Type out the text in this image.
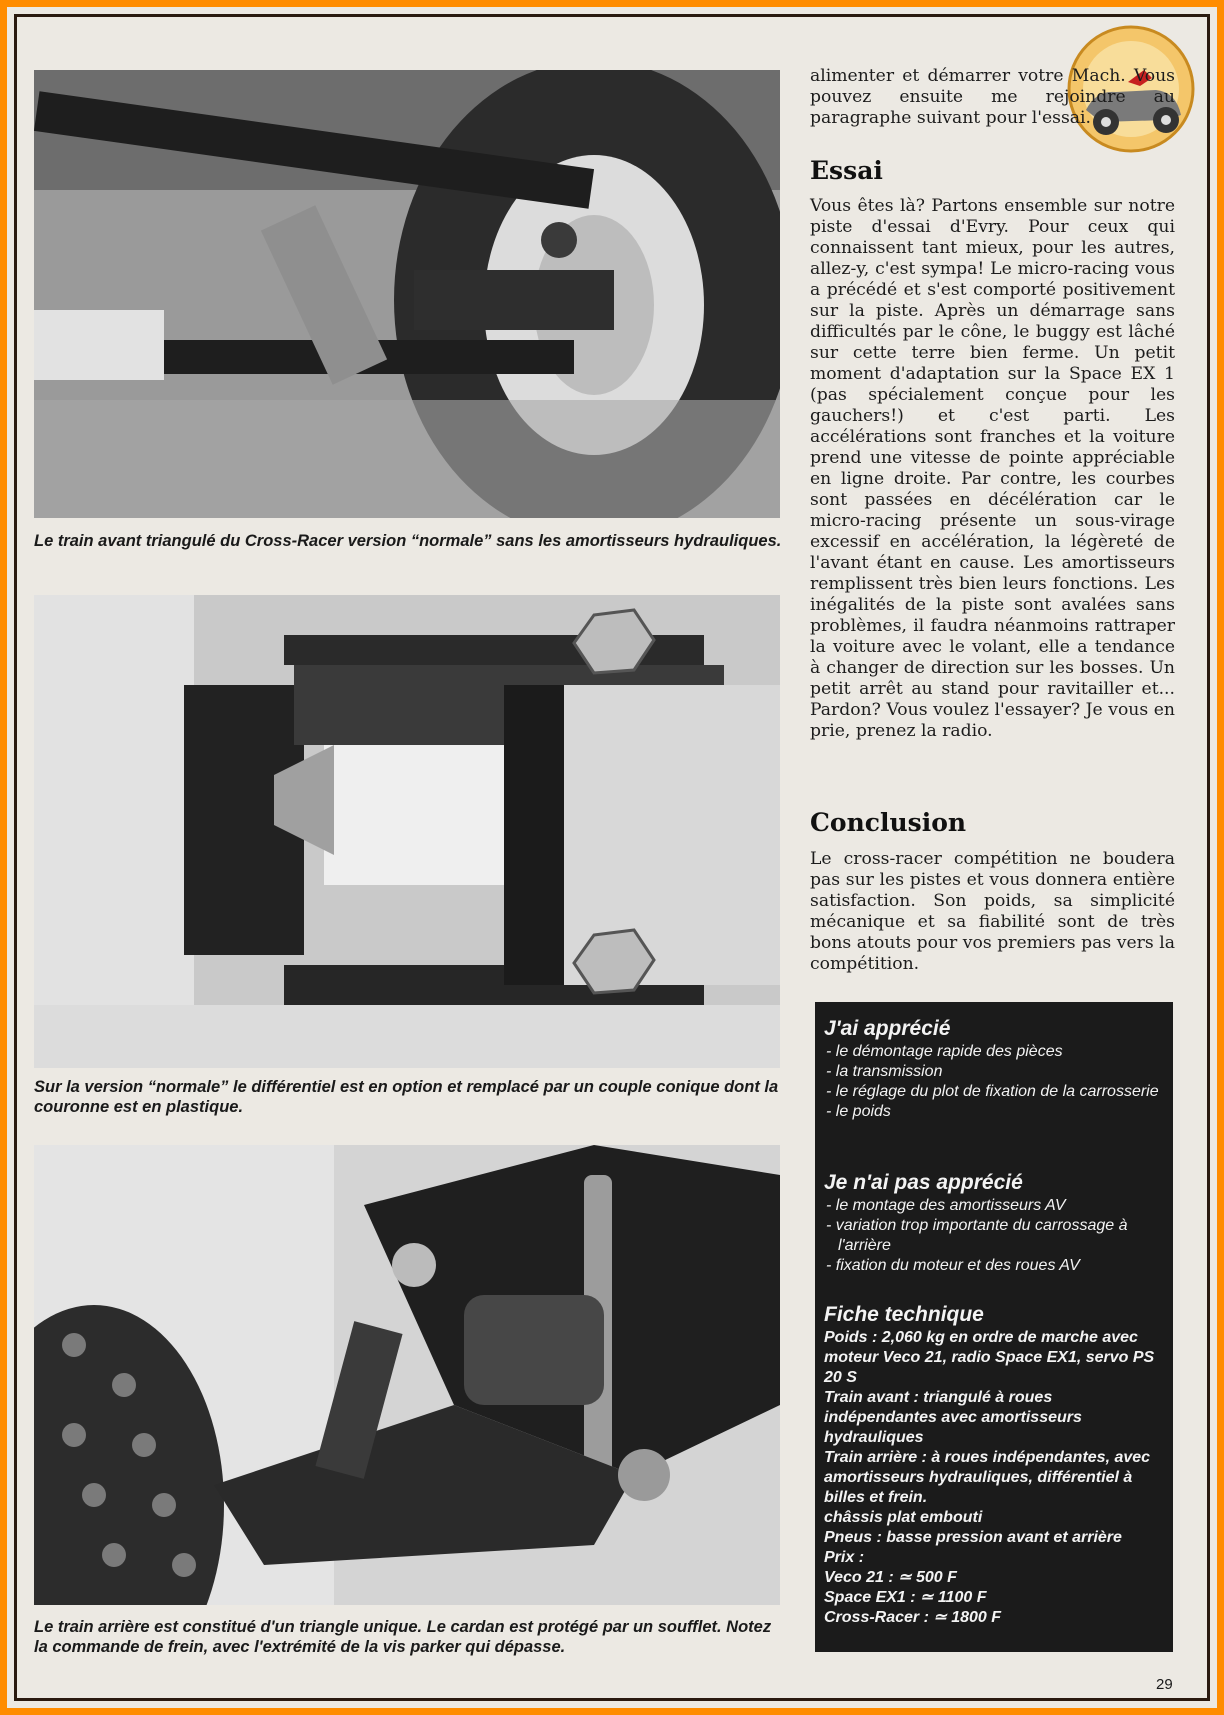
Le train avant triangulé du Cross-Racer version “normale” sans les amortisseurs hydrauliques.

Sur la version “normale” le différentiel est en option et remplacé par un couple conique dont la couronne est en plastique.

Le train arrière est constitué d'un triangle unique. Le cardan est protégé par un soufflet. Notez la commande de frein, avec l'extrémité de la vis parker qui dépasse.

alimenter et démarrer votre Mach. Vous pouvez ensuite me rejoindre au paragraphe suivant pour l'essai.

Essai

Vous êtes là? Partons ensemble sur notre piste d'essai d'Evry. Pour ceux qui connaissent tant mieux, pour les autres, allez-y, c'est sympa! Le micro-racing vous a précédé et s'est comporté positivement sur la piste. Après un démarrage sans difficultés par le cône, le buggy est lâché sur cette terre bien ferme. Un petit moment d'adaptation sur la Space EX 1 (pas spécialement conçue pour les gauchers!) et c'est parti. Les accélérations sont franches et la voiture prend une vitesse de pointe appréciable en ligne droite. Par contre, les courbes sont passées en décélération car le micro-racing présente un sous-virage excessif en accélération, la légèreté de l'avant étant en cause. Les amortisseurs remplissent très bien leurs fonctions. Les inégalités de la piste sont avalées sans problèmes, il faudra néanmoins rattraper la voiture avec le volant, elle a tendance à changer de direction sur les bosses. Un petit arrêt au stand pour ravitailler et... Pardon? Vous voulez l'essayer? Je vous en prie, prenez la radio.

Conclusion

Le cross-racer compétition ne boudera pas sur les pistes et vous donnera entière satisfaction. Son poids, sa simplicité mécanique et sa fiabilité sont de très bons atouts pour vos premiers pas vers la compétition.

J'ai apprécié
- le démontage rapide des pièces
- la transmission
- le réglage du plot de fixation de la carrosserie
- le poids
Je n'ai pas apprécié
- le montage des amortisseurs AV
- variation trop importante du carrossage à l'arrière
- fixation du moteur et des roues AV
Fiche technique

Poids : 2,060 kg en ordre de marche avec moteur Veco 21, radio Space EX1, servo PS 20 S

Train avant : triangulé à roues indépendantes avec amortisseurs hydrauliques

Train arrière : à roues indépendantes, avec amortisseurs hydrauliques, différentiel à billes et frein.

châssis plat embouti

Pneus : basse pression avant et arrière

Prix :

Veco 21 : ≃ 500 F

Space EX1 : ≃ 1100 F

Cross-Racer : ≃ 1800 F

29
